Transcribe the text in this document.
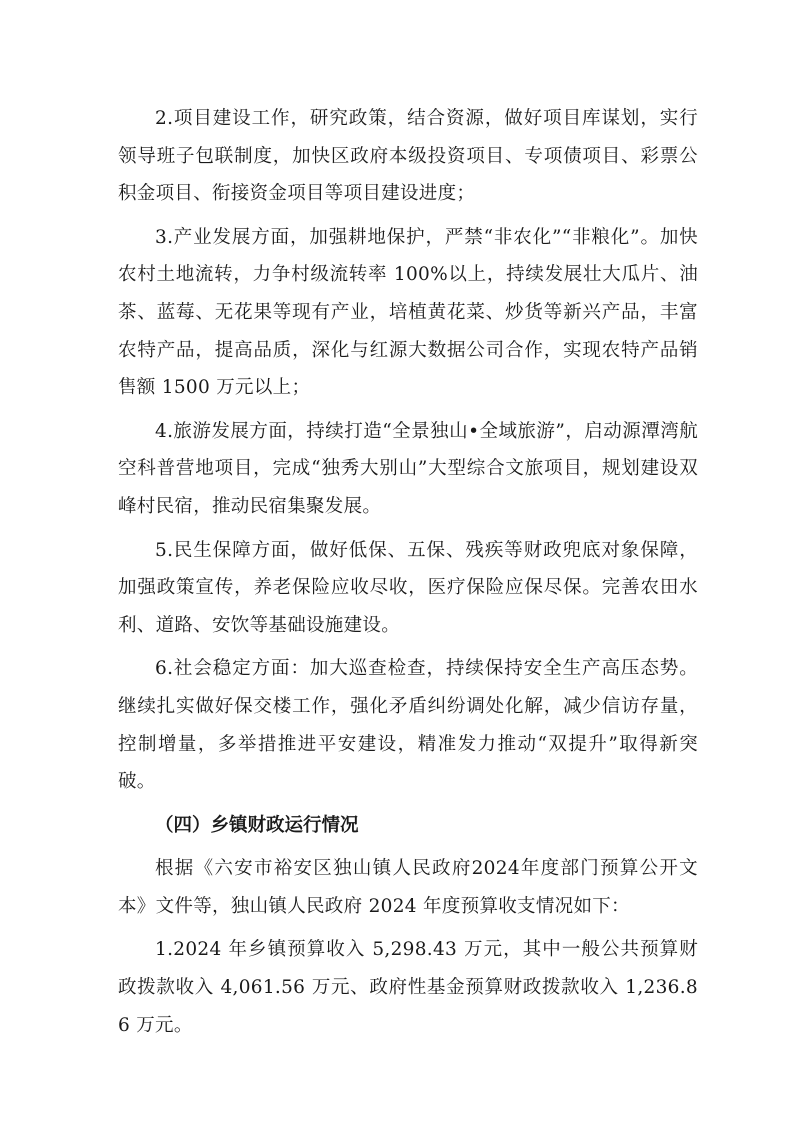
2.项目建设工作，研究政策，结合资源，做好项目库谋划，实行领导班子包联制度，加快区政府本级投资项目、专项债项目、彩票公积金项目、衔接资金项目等项目建设进度；

3.产业发展方面，加强耕地保护，严禁“非农化”“非粮化”。加快农村土地流转，力争村级流转率 100%以上，持续发展壮大瓜片、油茶、蓝莓、无花果等现有产业，培植黄花菜、炒货等新兴产品，丰富农特产品，提高品质，深化与红源大数据公司合作，实现农特产品销售额 1500 万元以上；

4.旅游发展方面，持续打造“全景独山•全域旅游”，启动源潭湾航空科普营地项目，完成“独秀大别山”大型综合文旅项目，规划建设双峰村民宿，推动民宿集聚发展。

5.民生保障方面，做好低保、五保、残疾等财政兜底对象保障，加强政策宣传，养老保险应收尽收，医疗保险应保尽保。完善农田水利、道路、安饮等基础设施建设。

6.社会稳定方面：加大巡查检查，持续保持安全生产高压态势。继续扎实做好保交楼工作，强化矛盾纠纷调处化解，减少信访存量，控制增量，多举措推进平安建设，精准发力推动“双提升”取得新突破。

（四）乡镇财政运行情况

根据《六安市裕安区独山镇人民政府2024年度部门预算公开文本》文件等，独山镇人民政府 2024 年度预算收支情况如下：

1.2024 年乡镇预算收入 5,298.43 万元，其中一般公共预算财政拨款收入 4,061.56 万元、政府性基金预算财政拨款收入 1,236.86 万元。
